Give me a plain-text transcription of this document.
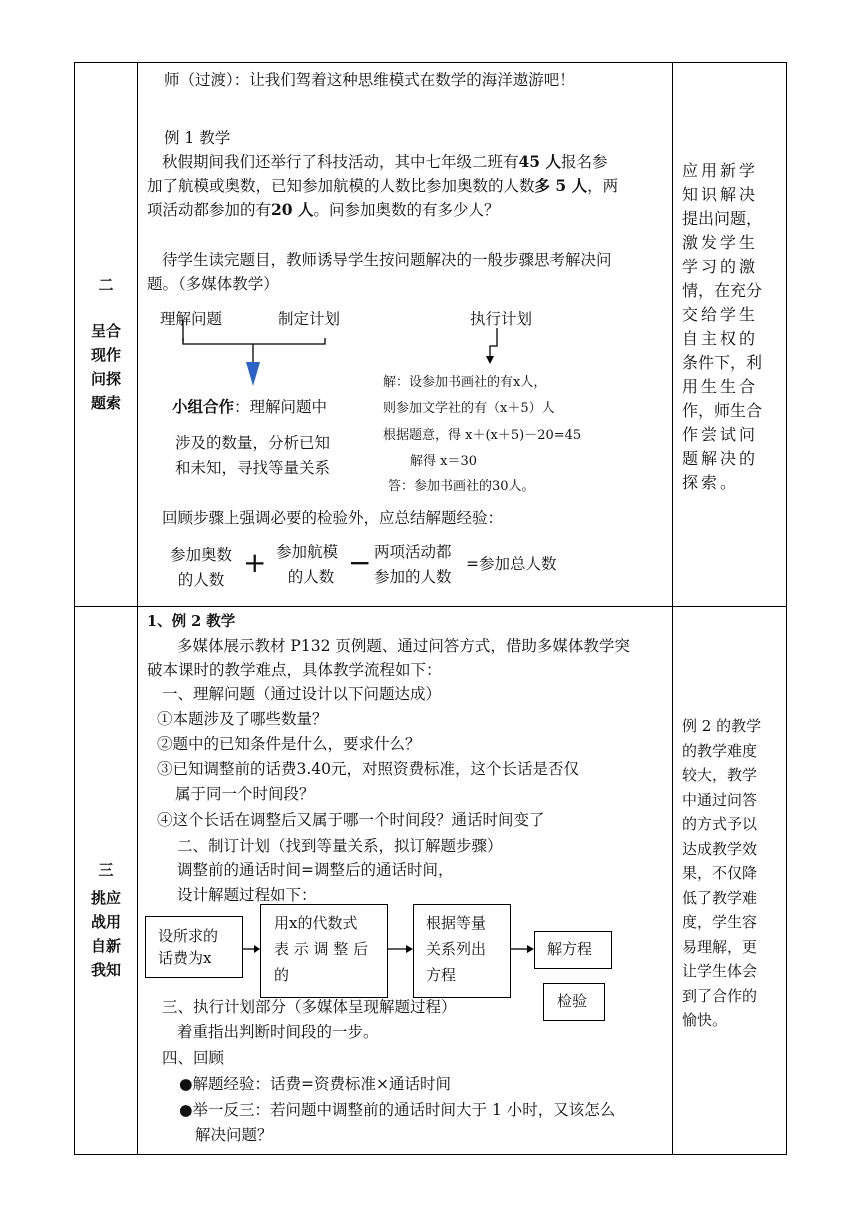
二
呈合
现作
问探
题索
师（过渡）：让我们驾着这种思维模式在数学的海洋遨游吧！
例 1 教学
秋假期间我们还举行了科技活动，其中七年级二班有45 人报名参
加了航模或奥数，已知参加航模的人数比参加奥数的人数多 5 人，两
项活动都参加的有20 人。问参加奥数的有多少人？
待学生读完题目，教师诱导学生按问题解决的一般步骤思考解决问
题。（多媒体教学）
理解问题	制定计划	执行计划
小组合作：理解问题中
涉及的数量，分析已知
和未知，寻找等量关系
解：设参加书画社的有x人，
则参加文学社的有（x＋5）人
根据题意，得 x＋(x＋5)－20=45
解得 x＝30
答：参加书画社的30人。
回顾步骤上强调必要的检验外，应总结解题经验：
参加奥数
的人数
+ 参加航模
的人数 − 两项活动都
参加的人数
=参加总人数
应用新学
知识解决
提出问题，
激发学生
学习的激
情，在充分
交给学生
自主权的
条件下，利
用生生合
作，师生合
作尝试问
题解决的
探索。
三
挑应
战用
自新
我知
1、例 2 教学
多媒体展示教材 P132 页例题、通过问答方式，借助多媒体教学突
破本课时的教学难点，具体教学流程如下：
一、理解问题（通过设计以下问题达成）
①本题涉及了哪些数量？
②题中的已知条件是什么，要求什么？
③已知调整前的话费3.40元，对照资费标准，这个长话是否仅
属于同一个时间段？
④这个长话在调整后又属于哪一个时间段？通话时间变了
二、制订计划（找到等量关系，拟订解题步骤）
调整前的通话时间=调整后的通话时间，
设计解题过程如下：
设所求的
话费为x
用x的代数式
表 示 调 整 后
的
根据等量
关系列出
方程
解方程
检验
三、执行计划部分（多媒体呈现解题过程）
着重指出判断时间段的一步。
四、回顾
●解题经验：话费=资费标准×通话时间
●举一反三：若问题中调整前的通话时间大于 1 小时，又该怎么
解决问题？
例 2 的教学
的教学难度
较大，教学
中通过问答
的方式予以
达成教学效
果，不仅降
低了教学难
度，学生容
易理解，更
让学生体会
到了合作的
愉快。
